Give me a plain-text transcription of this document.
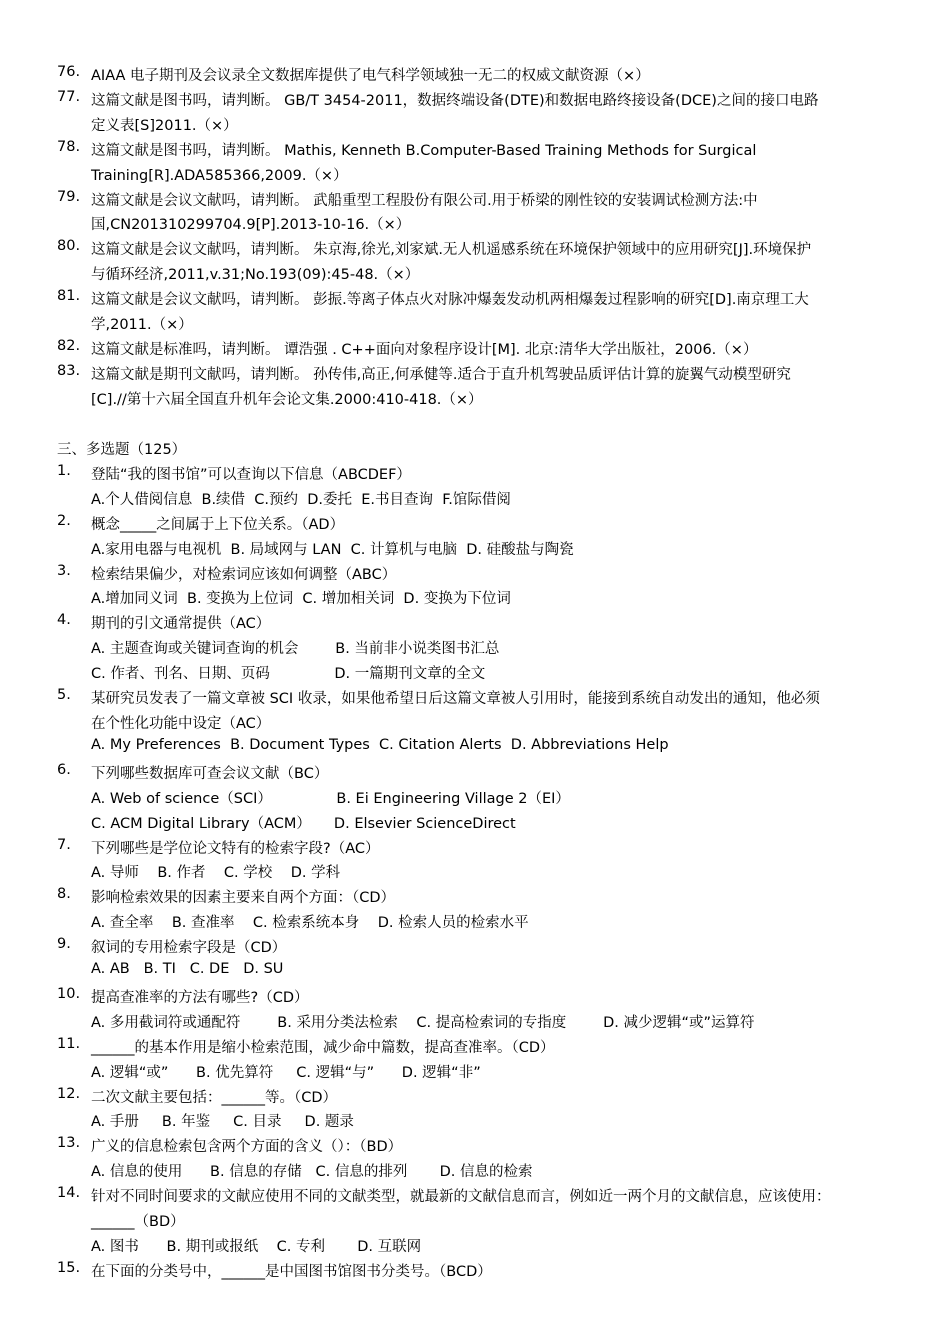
76. AIAA 电子期刊及会议录全文数据库提供了电气科学领域独一无二的权威文献资源（×）
77. 这篇文献是图书吗，请判断。 GB/T 3454-2011，数据终端设备(DTE)和数据电路终接设备(DCE)之间的接口电路
定义表[S]2011.（×）
78. 这篇文献是图书吗，请判断。 Mathis, Kenneth B.Computer-Based Training Methods for Surgical
Training[R].ADA585366,2009.（×）
79. 这篇文献是会议文献吗，请判断。 武船重型工程股份有限公司.用于桥梁的刚性铰的安装调试检测方法:中
国,CN201310299704.9[P].2013-10-16.（×）
80. 这篇文献是会议文献吗，请判断。 朱京海,徐光,刘家斌.无人机遥感系统在环境保护领域中的应用研究[J].环境保护
与循环经济,2011,v.31;No.193(09):45-48.（×）
81. 这篇文献是会议文献吗，请判断。 彭振.等离子体点火对脉冲爆轰发动机两相爆轰过程影响的研究[D].南京理工大
学,2011.（×）
82. 这篇文献是标准吗，请判断。 谭浩强 . C++面向对象程序设计[M]. 北京:清华大学出版社，2006.（×）
83. 这篇文献是期刊文献吗，请判断。 孙传伟,高正,何承健等.适合于直升机驾驶品质评估计算的旋翼气动模型研究
[C].//第十六届全国直升机年会论文集.2000:410-418.（×）
三、多选题（125）
1.	登陆“我的图书馆”可以查询以下信息（ABCDEF）
A.个人借阅信息  B.续借  C.预约  D.委托  E.书目查询  F.馆际借阅
2.	概念_____之间属于上下位关系。（AD）
A.家用电器与电视机  B. 局域网与 LAN  C. 计算机与电脑  D. 硅酸盐与陶瓷
3.	检索结果偏少，对检索词应该如何调整（ABC）
A.增加同义词  B. 变换为上位词  C. 增加相关词  D. 变换为下位词
4.	期刊的引文通常提供（AC）
A. 主题查询或关键词查询的机会        B. 当前非小说类图书汇总
C. 作者、刊名、日期、页码              D. 一篇期刊文章的全文
5.	某研究员发表了一篇文章被 SCI 收录，如果他希望日后这篇文章被人引用时，能接到系统自动发出的通知，他必须
在个性化功能中设定（AC）
A. My Preferences  B. Document Types  C. Citation Alerts  D. Abbreviations Help
6.	下列哪些数据库可查会议文献（BC）
A. Web of science（SCI）              B. Ei Engineering Village 2（EI）
C. ACM Digital Library（ACM）     D. Elsevier ScienceDirect
7.	下列哪些是学位论文特有的检索字段?（AC）
A. 导师    B. 作者    C. 学校    D. 学科
8.	影响检索效果的因素主要来自两个方面：（CD）
A. 查全率    B. 查准率    C. 检索系统本身    D. 检索人员的检索水平
9.	叙词的专用检索字段是（CD）
A. AB   B. TI   C. DE   D. SU
10. 提高查准率的方法有哪些?（CD）
A. 多用截词符或通配符        B. 采用分类法检索    C. 提高检索词的专指度        D. 减少逻辑“或”运算符
11. ______的基本作用是缩小检索范围，减少命中篇数，提高查准率。（CD）
A. 逻辑“或”      B. 优先算符     C. 逻辑“与”      D. 逻辑“非”
12. 二次文献主要包括：______等。（CD）
A. 手册     B. 年鉴     C. 目录     D. 题录
13. 广义的信息检索包含两个方面的含义（）：（BD）
A. 信息的使用      B. 信息的存储   C. 信息的排列       D. 信息的检索
14. 针对不同时间要求的文献应使用不同的文献类型，就最新的文献信息而言，例如近一两个月的文献信息，应该使用：
______（BD）
A. 图书      B. 期刊或报纸    C. 专利       D. 互联网
15. 在下面的分类号中，______是中国图书馆图书分类号。（BCD）
